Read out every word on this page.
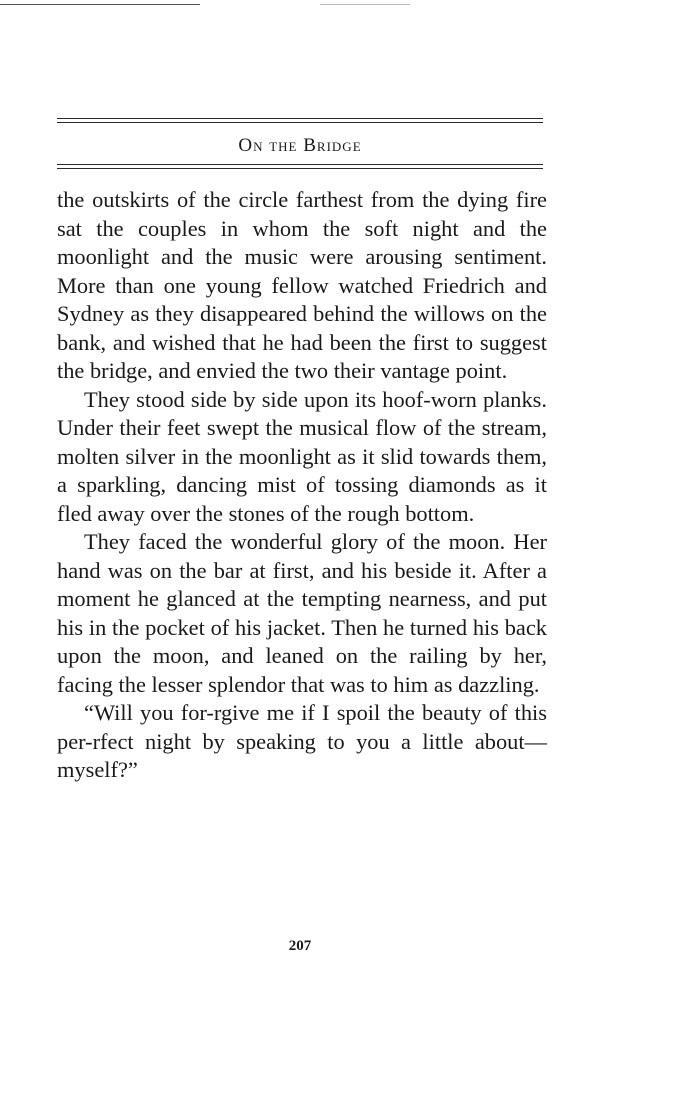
On the Bridge

the outskirts of the circle farthest from the dying fire sat the couples in whom the soft night and the moonlight and the music were arousing sentiment. More than one young fellow watched Friedrich and Sydney as they disappeared behind the willows on the bank, and wished that he had been the first to suggest the bridge, and envied the two their vantage point.

They stood side by side upon its hoof-worn planks. Under their feet swept the musical flow of the stream, molten silver in the moonlight as it slid towards them, a sparkling, dancing mist of tossing diamonds as it fled away over the stones of the rough bottom.

They faced the wonderful glory of the moon. Her hand was on the bar at first, and his beside it. After a moment he glanced at the tempting nearness, and put his in the pocket of his jacket. Then he turned his back upon the moon, and leaned on the railing by her, facing the lesser splendor that was to him as dazzling.

“Will you for-rgive me if I spoil the beauty of this per-rfect night by speaking to you a little about—myself?”

207
